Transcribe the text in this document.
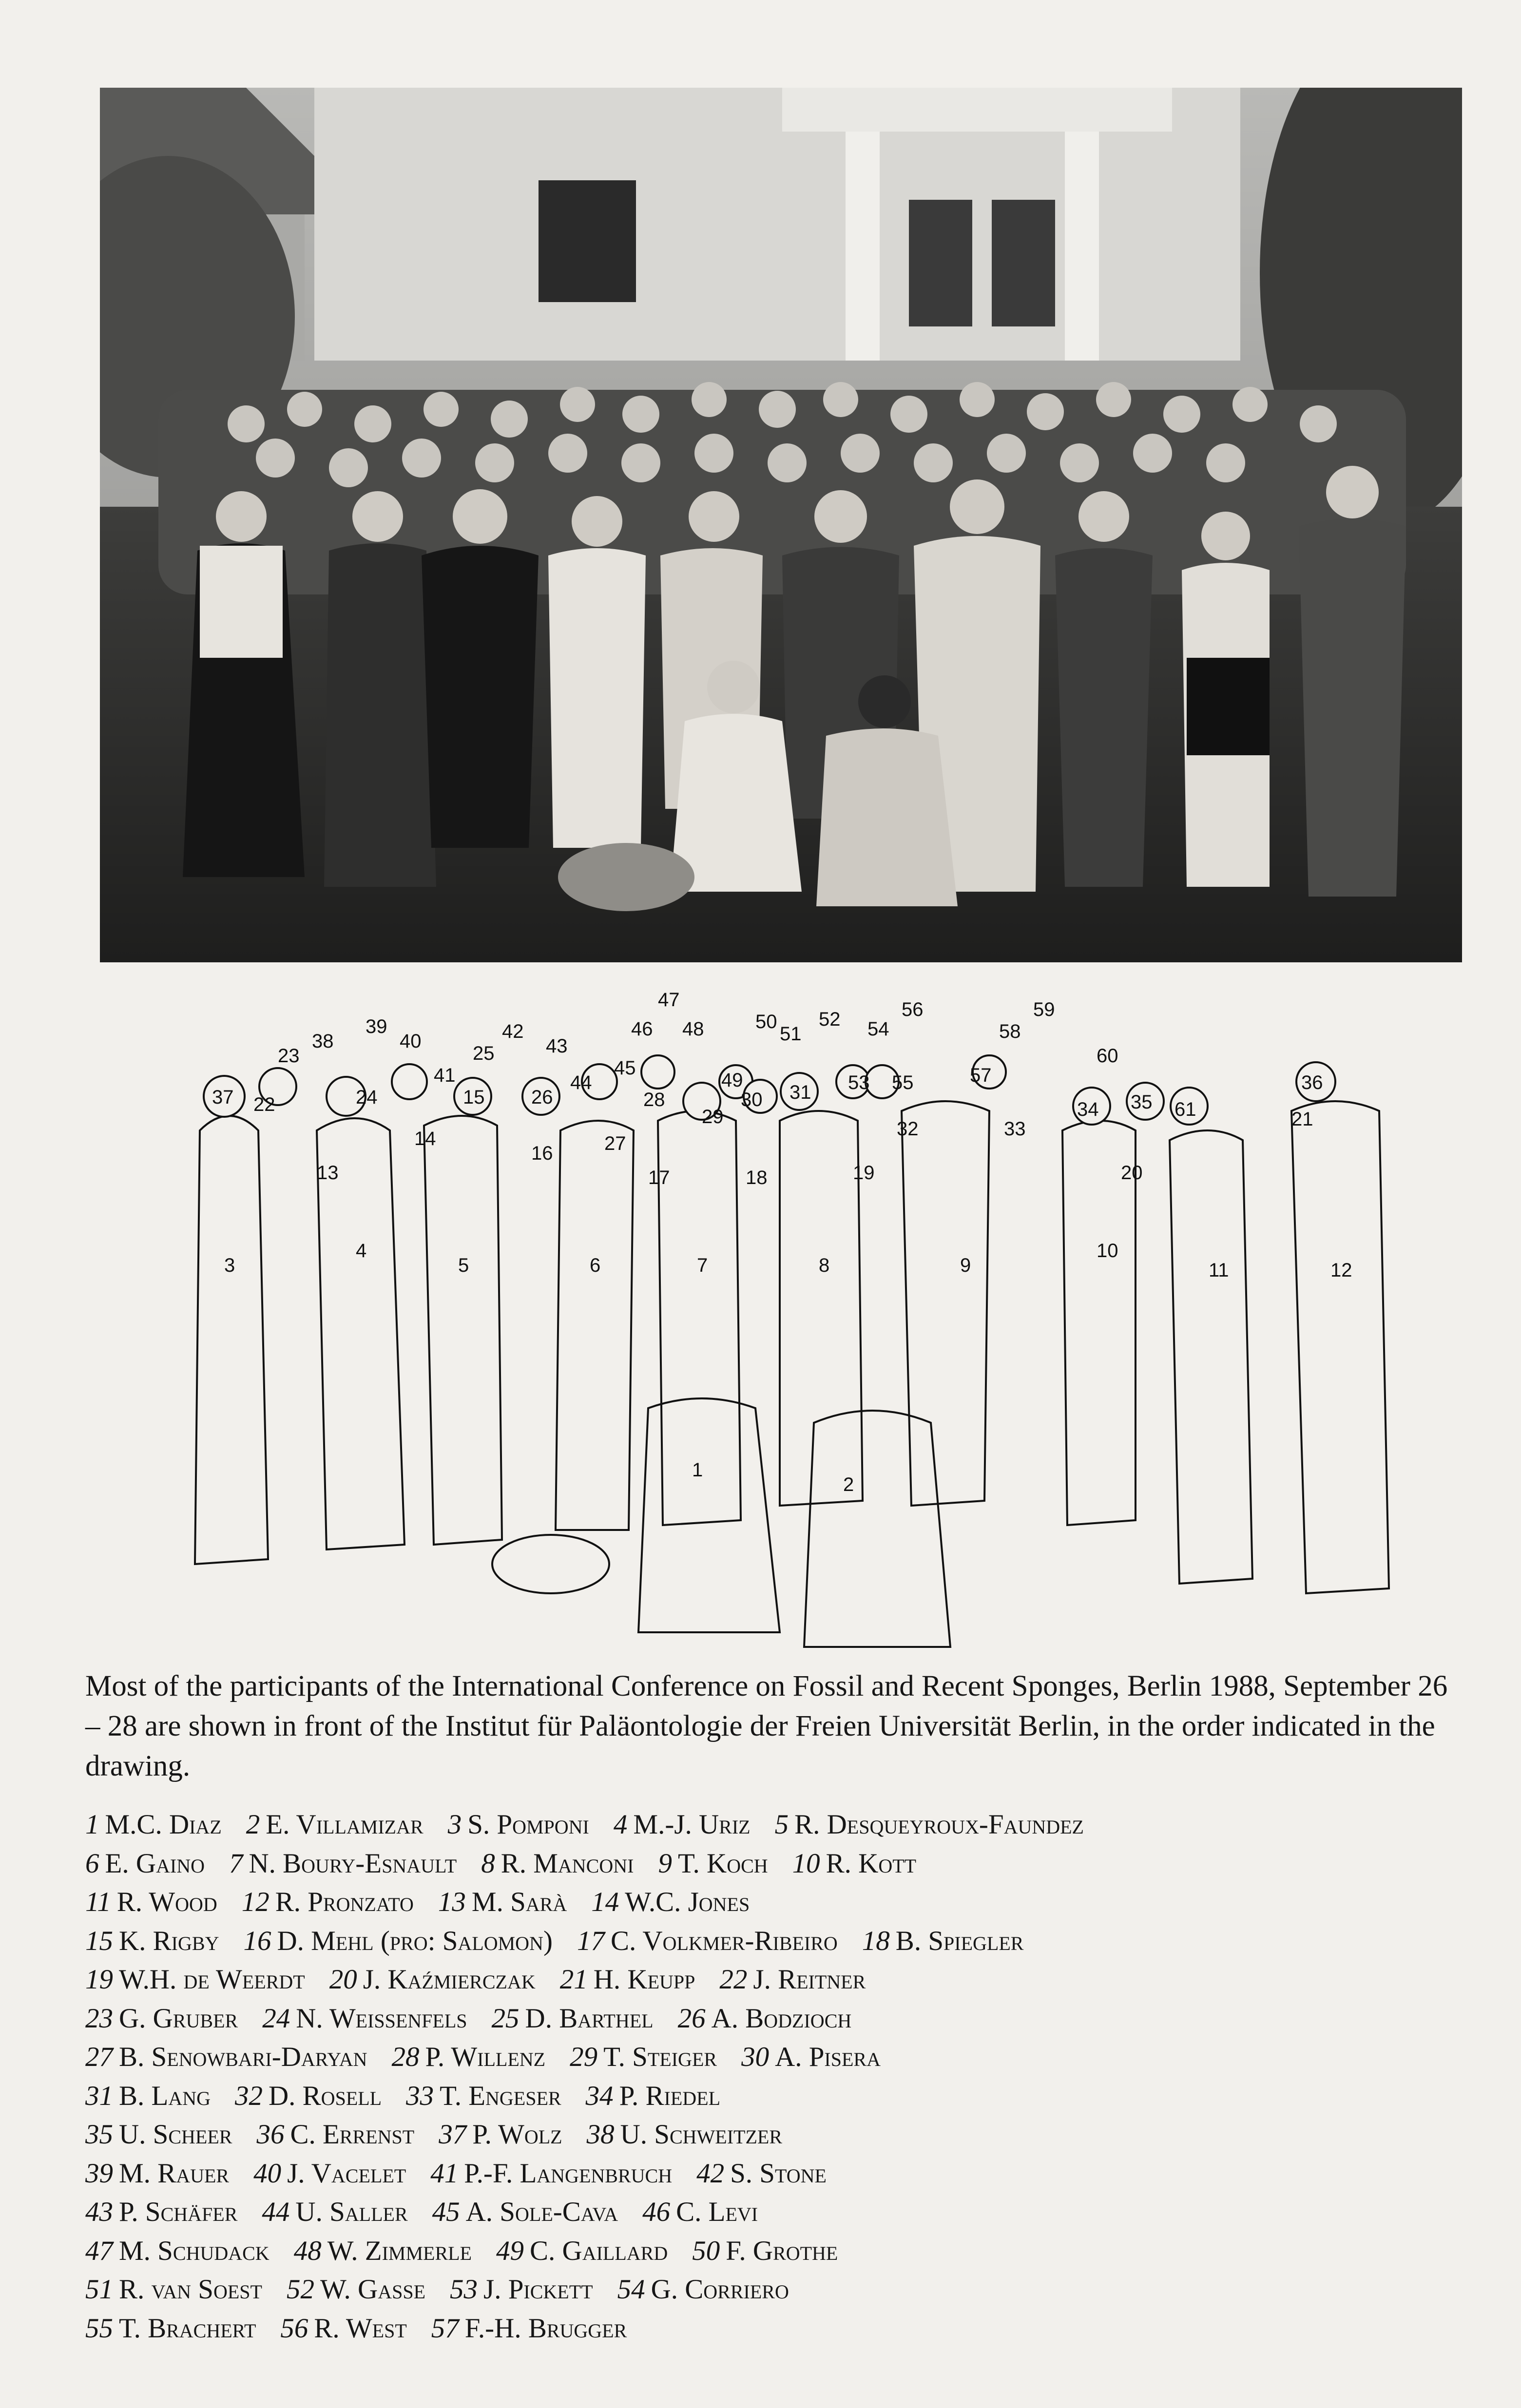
1
2
3
4
5	6	7	8	9
10
11	12
13
14
15
16
17	18	19	20
21
22
23
24
25
26
27
28
29
30 31
32	33
34 35
36
37
38
39
40
41
42
43
44
45
46
47
48
49
50
51
52
53
54
55
56
57
58
59
60
61

Most of the participants of the International Conference on Fossil and Recent Sponges, Berlin 1988, September 26 – 28 are shown in front of the Institut für Paläontologie der Freien Universität Berlin, in the order indicated in the drawing.

1 M.C. Diaz 2 E. Villamizar 3 S. Pomponi 4 M.-J. Uriz 5 R. Desqueyroux-Faundez
6 E. Gaino 7 N. Boury-Esnault 8 R. Manconi 9 T. Koch 10 R. Kott
11 R. Wood 12 R. Pronzato 13 M. Sarà 14 W.C. Jones
15 K. Rigby 16 D. Mehl (pro: Salomon) 17 C. Volkmer-Ribeiro 18 B. Spiegler
19 W.H. de Weerdt 20 J. Kaźmierczak 21 H. Keupp 22 J. Reitner
23 G. Gruber 24 N. Weissenfels 25 D. Barthel 26 A. Bodzioch
27 B. Senowbari-Daryan 28 P. Willenz 29 T. Steiger 30 A. Pisera
31 B. Lang 32 D. Rosell 33 T. Engeser 34 P. Riedel
35 U. Scheer 36 C. Errenst 37 P. Wolz 38 U. Schweitzer
39 M. Rauer 40 J. Vacelet 41 P.-F. Langenbruch 42 S. Stone
43 P. Schäfer 44 U. Saller 45 A. Sole-Cava 46 C. Levi
47 M. Schudack 48 W. Zimmerle 49 C. Gaillard 50 F. Grothe
51 R. van Soest 52 W. Gasse 53 J. Pickett 54 G. Corriero
55 T. Brachert 56 R. West 57 F.-H. Brugger
